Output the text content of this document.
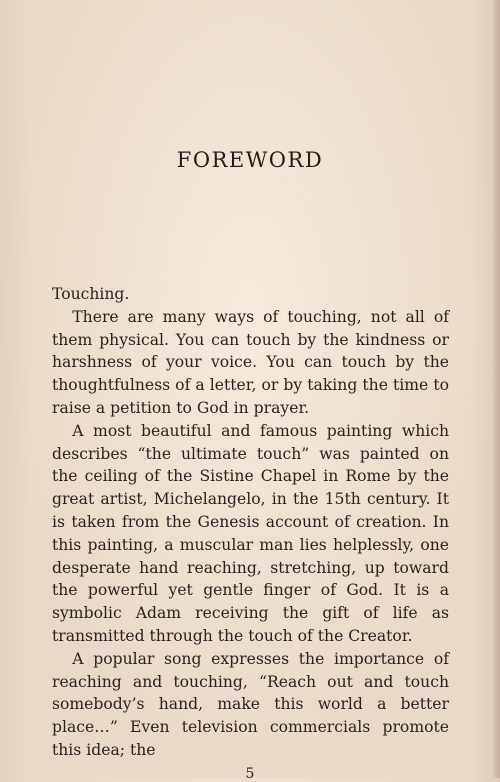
FOREWORD

Touching.

There are many ways of touching, not all of them physical. You can touch by the kindness or harshness of your voice. You can touch by the thoughtfulness of a letter, or by taking the time to raise a petition to God in prayer.

A most beautiful and famous painting which describes “the ultimate touch” was painted on the ceiling of the Sistine Chapel in Rome by the great artist, Michelangelo, in the 15th century. It is taken from the Genesis account of creation. In this painting, a muscular man lies helplessly, one desperate hand reaching, stretching, up toward the powerful yet gentle finger of God. It is a symbolic Adam receiving the gift of life as transmitted through the touch of the Creator.

A popular song expresses the importance of reaching and touching, “Reach out and touch somebody’s hand, make this world a better place…” Even television commercials promote this idea; the

5
